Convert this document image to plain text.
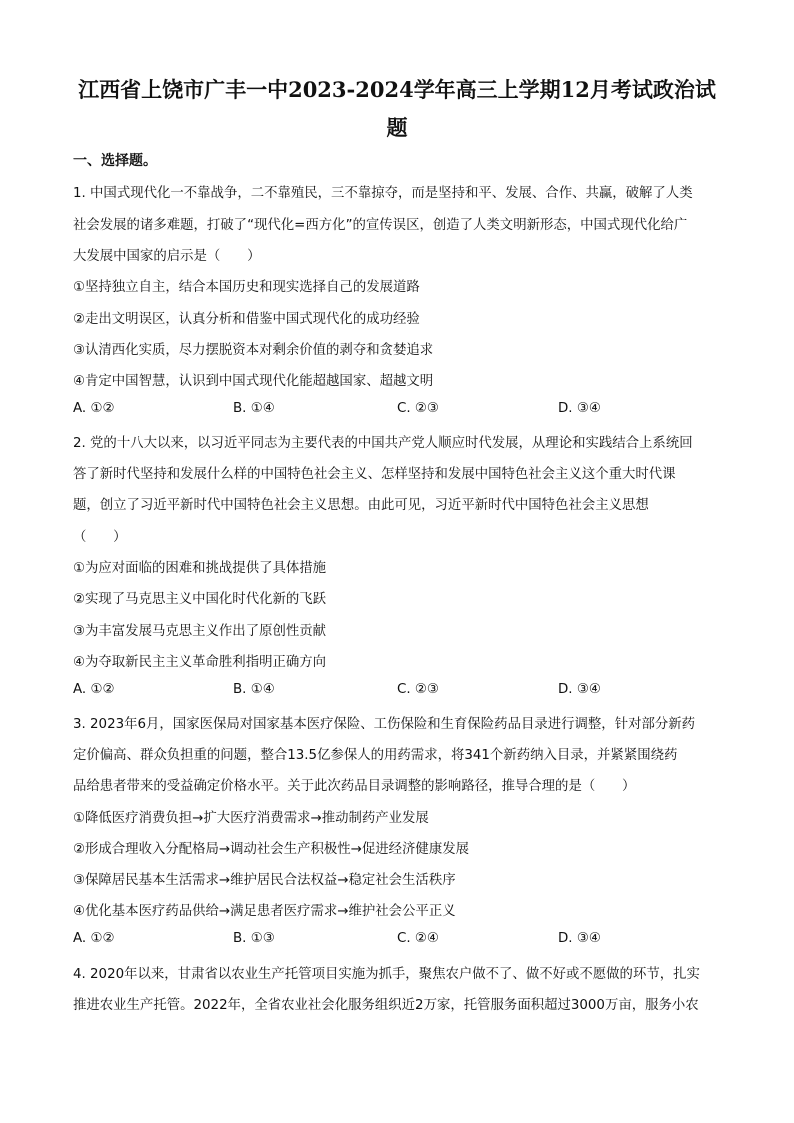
江西省上饶市广丰一中2023-2024学年高三上学期12月考试政治试
题
一、选择题。
1. 中国式现代化一不靠战争，二不靠殖民，三不靠掠夺，而是坚持和平、发展、合作、共赢，破解了人类
社会发展的诸多难题，打破了“现代化=西方化”的宣传误区，创造了人类文明新形态，中国式现代化给广
大发展中国家的启示是（　　）
①坚持独立自主，结合本国历史和现实选择自己的发展道路
②走出文明误区，认真分析和借鉴中国式现代化的成功经验
③认清西化实质，尽力摆脱资本对剩余价值的剥夺和贪婪追求
④肯定中国智慧，认识到中国式现代化能超越国家、超越文明
A. ①②	B. ①④	C. ②③	D. ③④
2. 党的十八大以来，以习近平同志为主要代表的中国共产党人顺应时代发展，从理论和实践结合上系统回
答了新时代坚持和发展什么样的中国特色社会主义、怎样坚持和发展中国特色社会主义这个重大时代课
题，创立了习近平新时代中国特色社会主义思想。由此可见，习近平新时代中国特色社会主义思想
（　　）
①为应对面临的困难和挑战提供了具体措施
②实现了马克思主义中国化时代化新的飞跃
③为丰富发展马克思主义作出了原创性贡献
④为夺取新民主主义革命胜利指明正确方向
A. ①②	B. ①④	C. ②③	D. ③④
3. 2023年6月，国家医保局对国家基本医疗保险、工伤保险和生育保险药品目录进行调整，针对部分新药
定价偏高、群众负担重的问题，整合13.5亿参保人的用药需求，将341个新药纳入目录，并紧紧围绕药
品给患者带来的受益确定价格水平。关于此次药品目录调整的影响路径，推导合理的是（　　）
①降低医疗消费负担→扩大医疗消费需求→推动制药产业发展
②形成合理收入分配格局→调动社会生产积极性→促进经济健康发展
③保障居民基本生活需求→维护居民合法权益→稳定社会生活秩序
④优化基本医疗药品供给→满足患者医疗需求→维护社会公平正义
A. ①②	B. ①③	C. ②④	D. ③④
4. 2020年以来，甘肃省以农业生产托管项目实施为抓手，聚焦农户做不了、做不好或不愿做的环节，扎实
推进农业生产托管。2022年，全省农业社会化服务组织近2万家，托管服务面积超过3000万亩，服务小农
